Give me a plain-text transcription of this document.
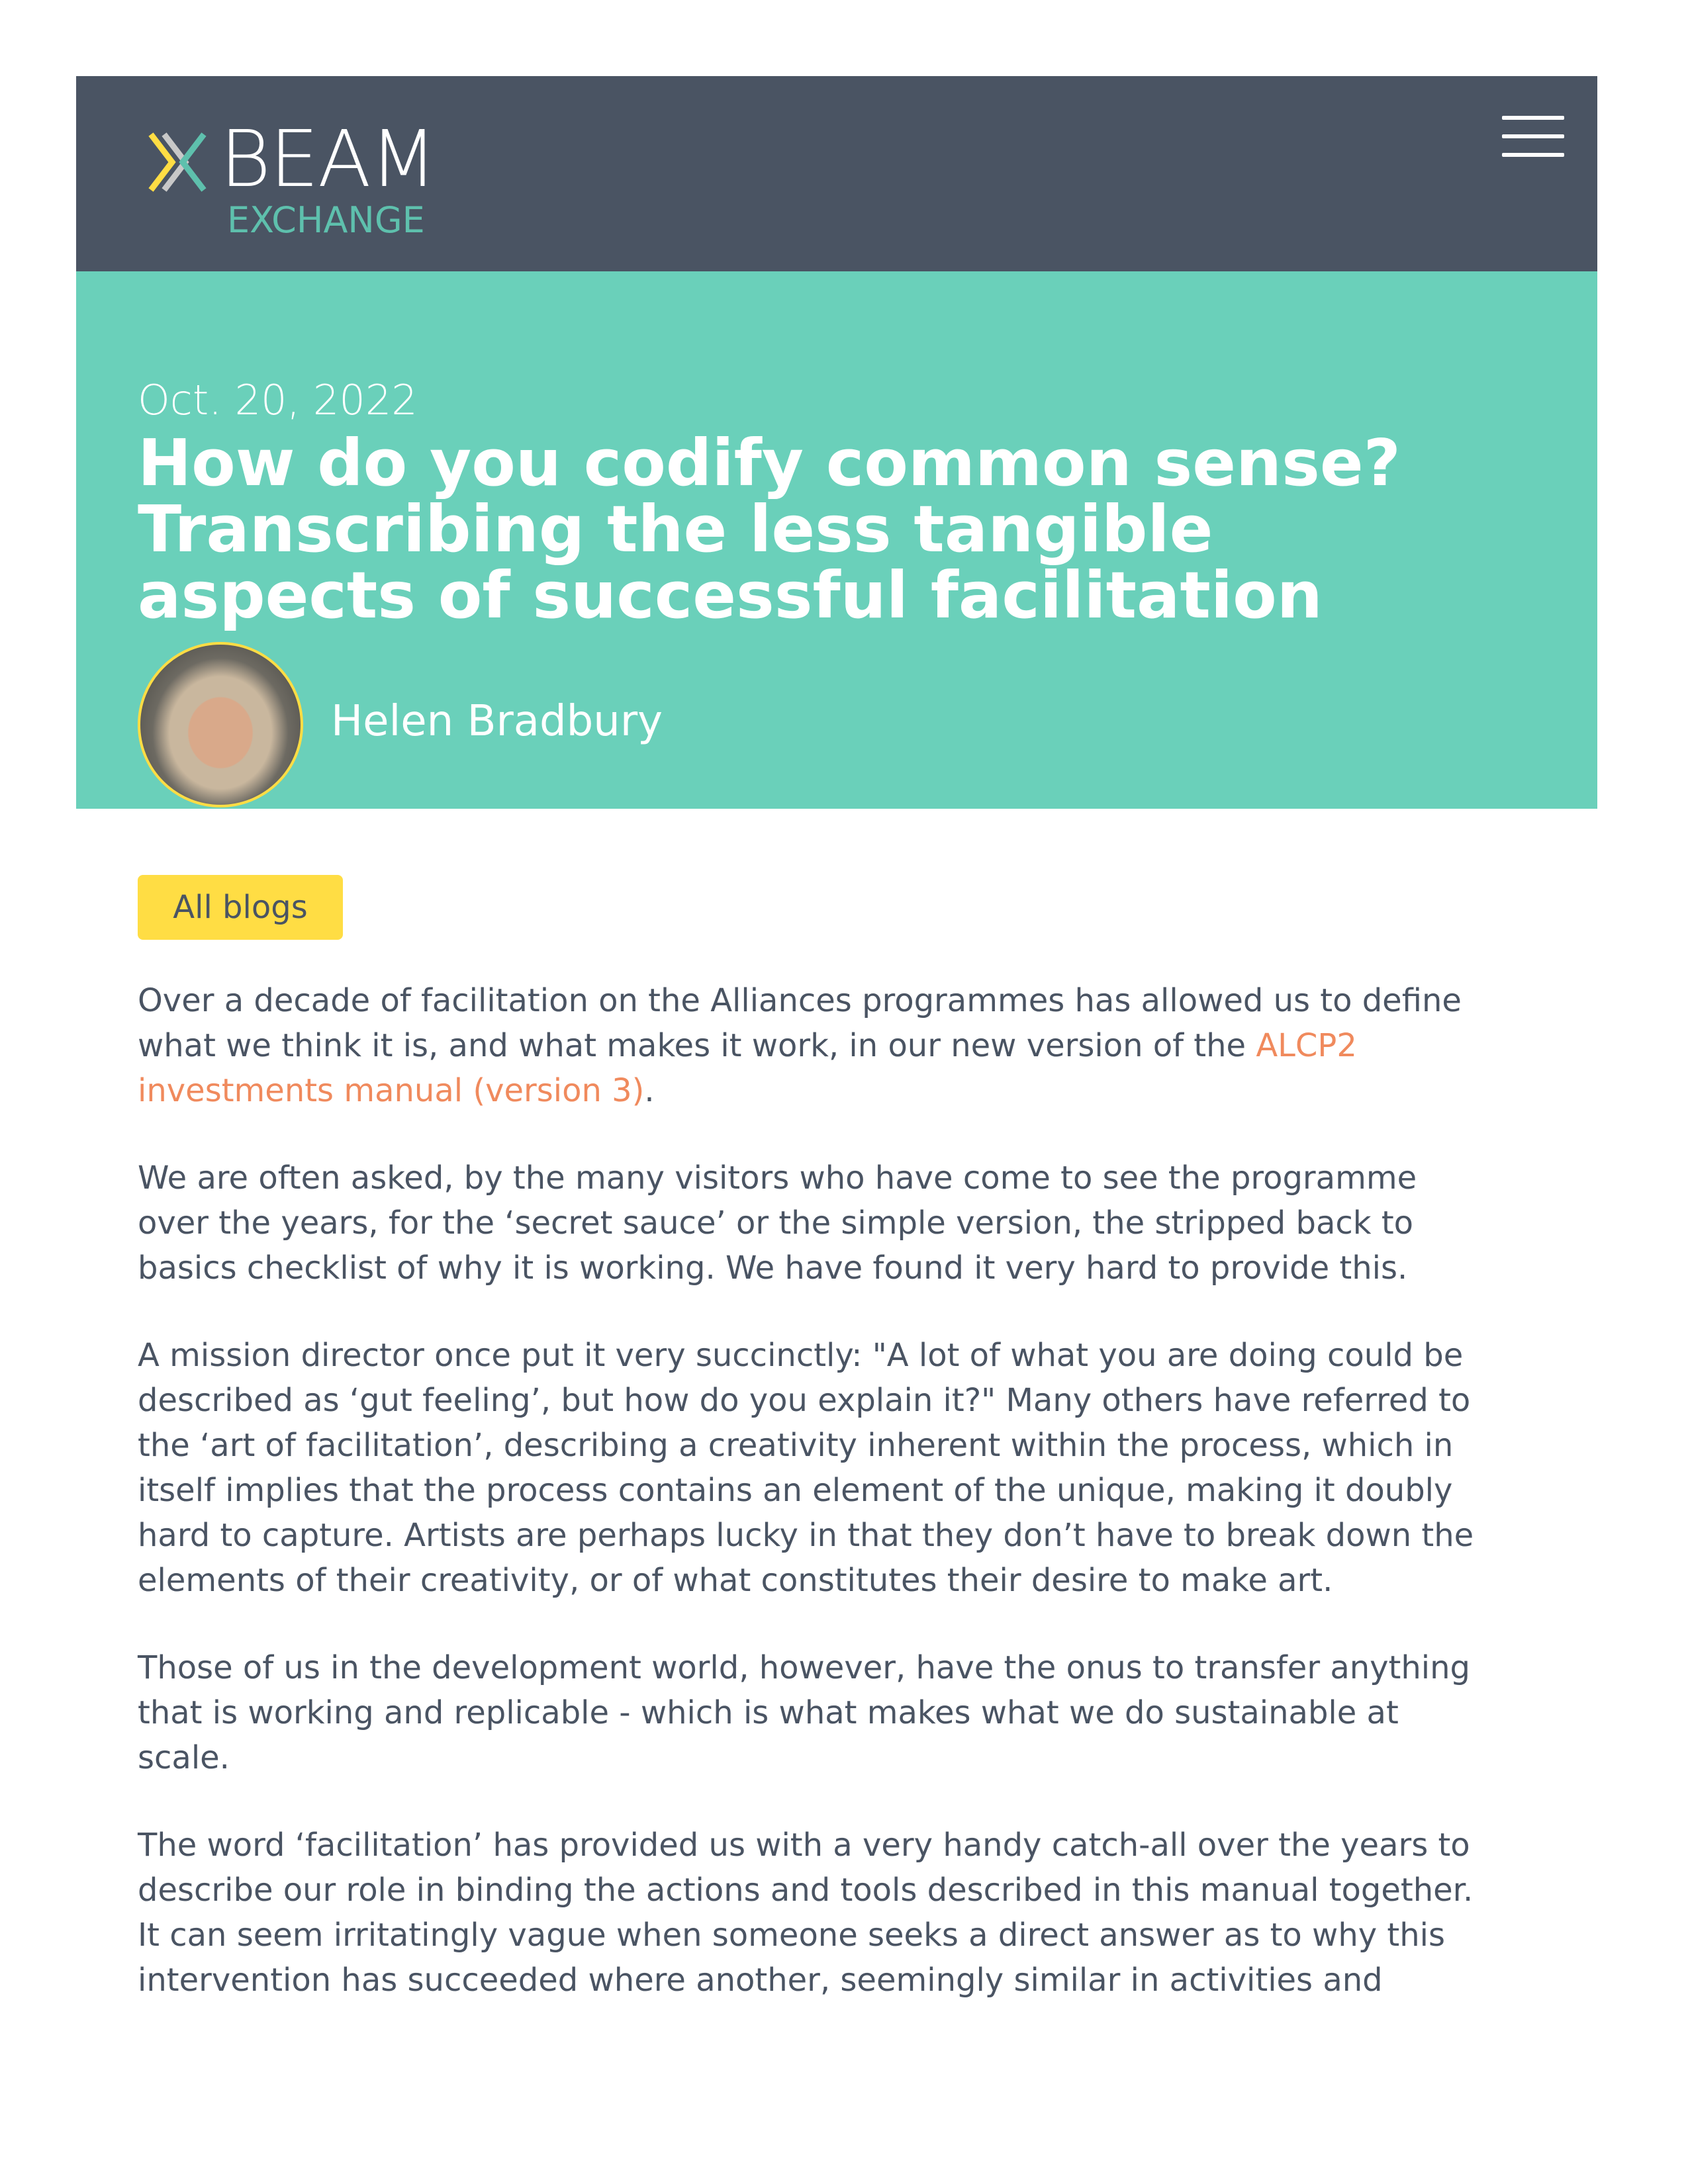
BEAM
EXCHANGE
Oct. 20, 2022
How do you codify common sense?
Transcribing the less tangible
aspects of successful facilitation
Helen Bradbury
All blogs

Over a decade of facilitation on the Alliances programmes has allowed us to define
what we think it is, and what makes it work, in our new version of the ALCP2
investments manual (version 3).

We are often asked, by the many visitors who have come to see the programme
over the years, for the ‘secret sauce’ or the simple version, the stripped back to
basics checklist of why it is working. We have found it very hard to provide this.

A mission director once put it very succinctly: "A lot of what you are doing could be
described as ‘gut feeling’, but how do you explain it?" Many others have referred to
the ‘art of facilitation’, describing a creativity inherent within the process, which in
itself implies that the process contains an element of the unique, making it doubly
hard to capture. Artists are perhaps lucky in that they don’t have to break down the
elements of their creativity, or of what constitutes their desire to make art.

Those of us in the development world, however, have the onus to transfer anything
that is working and replicable - which is what makes what we do sustainable at
scale.

The word ‘facilitation’ has provided us with a very handy catch-all over the years to
describe our role in binding the actions and tools described in this manual together.
It can seem irritatingly vague when someone seeks a direct answer as to why this
intervention has succeeded where another, seemingly similar in activities and
